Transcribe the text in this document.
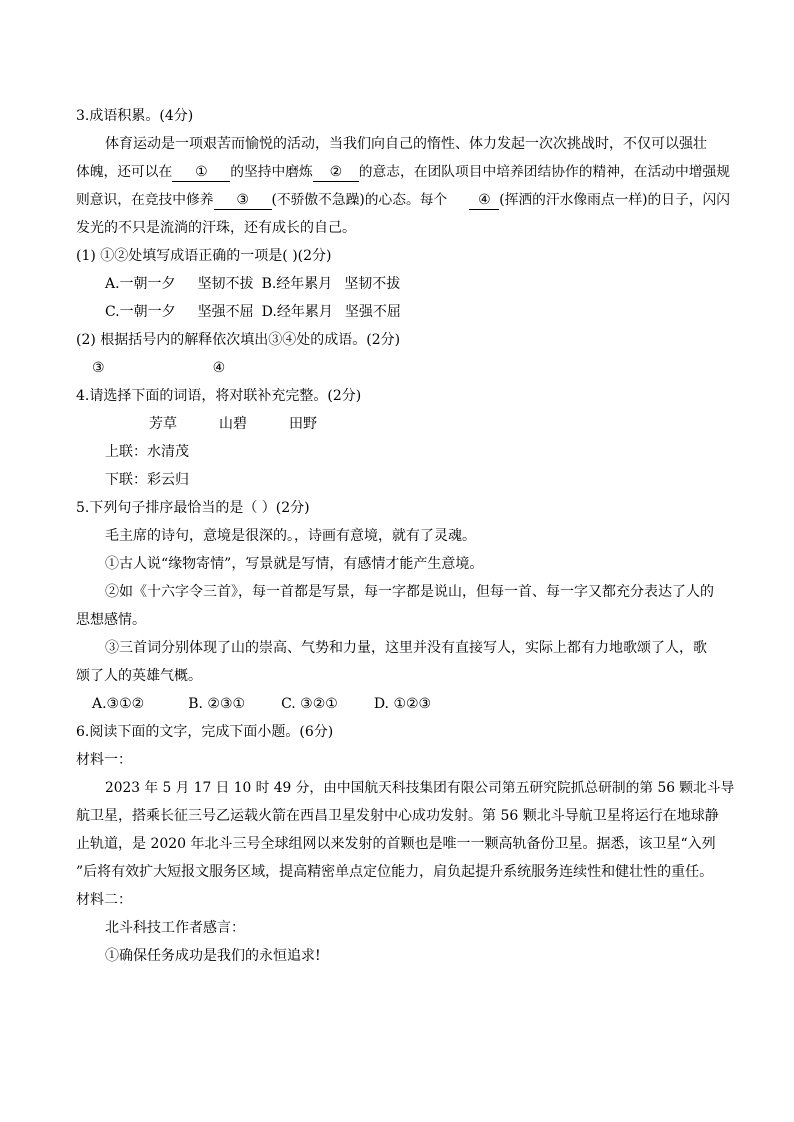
3.成语积累。(4分)
体育运动是一项艰苦而愉悦的活动，当我们向自己的惰性、体力发起一次次挑战时，不仅可以强壮
体魄，还可以在 ① 的坚持中磨炼 ② 的意志，在团队项目中培养团结协作的精神，在活动中增强规
则意识，在竞技中修养 ③ (不骄傲不急躁)的心态。每个 ④ (挥洒的汗水像雨点一样)的日子，闪闪
发光的不只是流淌的汗珠，还有成长的自己。
(1) ①②处填写成语正确的一项是( )(2分)
A.一朝一夕 坚韧不拔 B.经年累月 坚韧不拔
C.一朝一夕 坚强不屈 D.经年累月 坚强不屈
(2) 根据括号内的解释依次填出③④处的成语。(2分)
③	④
4.请选择下面的词语，将对联补充完整。(2分)
芳草	山碧	田野
上联：水清茂
下联：彩云归
5.下列句子排序最恰当的是（ ）(2分)
毛主席的诗句，意境是很深的。，诗画有意境，就有了灵魂。
①古人说“缘物寄情”，写景就是写情，有感情才能产生意境。
②如《十六字令三首》，每一首都是写景，每一字都是说山，但每一首、每一字又都充分表达了人的
思想感情。
③三首词分别体现了山的崇高、气势和力量，这里并没有直接写人，实际上都有力地歌颂了人，歌
颂了人的英雄气概。
A.③①②	B. ②③①	C. ③②①	D. ①②③
6.阅读下面的文字，完成下面小题。(6分)
材料一：
2023 年 5 月 17 日 10 时 49 分，由中国航天科技集团有限公司第五研究院抓总研制的第 56 颗北斗导
航卫星，搭乘长征三号乙运载火箭在西昌卫星发射中心成功发射。第 56 颗北斗导航卫星将运行在地球静
止轨道，是 2020 年北斗三号全球组网以来发射的首颗也是唯一一颗高轨备份卫星。据悉，该卫星“入列
”后将有效扩大短报文服务区域，提高精密单点定位能力，肩负起提升系统服务连续性和健壮性的重任。
材料二：
北斗科技工作者感言：
①确保任务成功是我们的永恒追求!
